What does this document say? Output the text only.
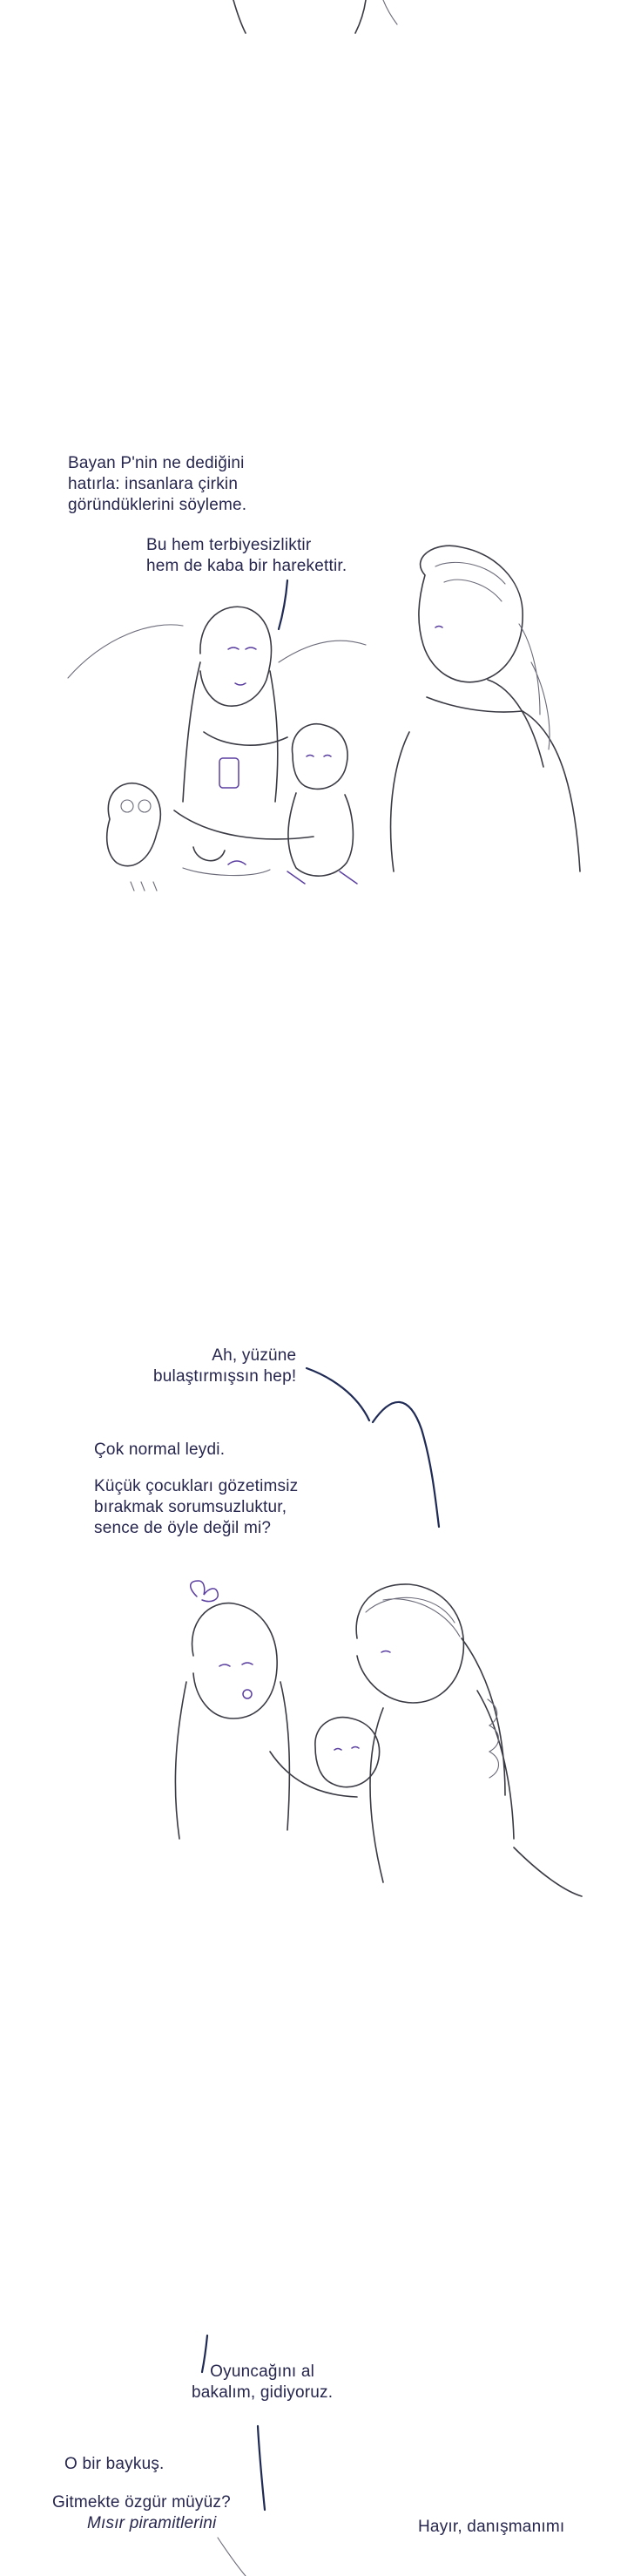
Bayan P'nin ne dediğini
hatırla: insanlara çirkin
göründüklerini söyleme.
Bu hem terbiyesizliktir
hem de kaba bir harekettir.
Ah, yüzüne
bulaştırmışsın hep!
Çok normal leydi.
Küçük çocukları gözetimsiz
bırakmak sorumsuzluktur,
sence de öyle değil mi?
Oyuncağını al
bakalım, gidiyoruz.
O bir baykuş.
Gitmekte özgür müyüz?
Mısır piramitlerini	Hayır, danışmanımı
